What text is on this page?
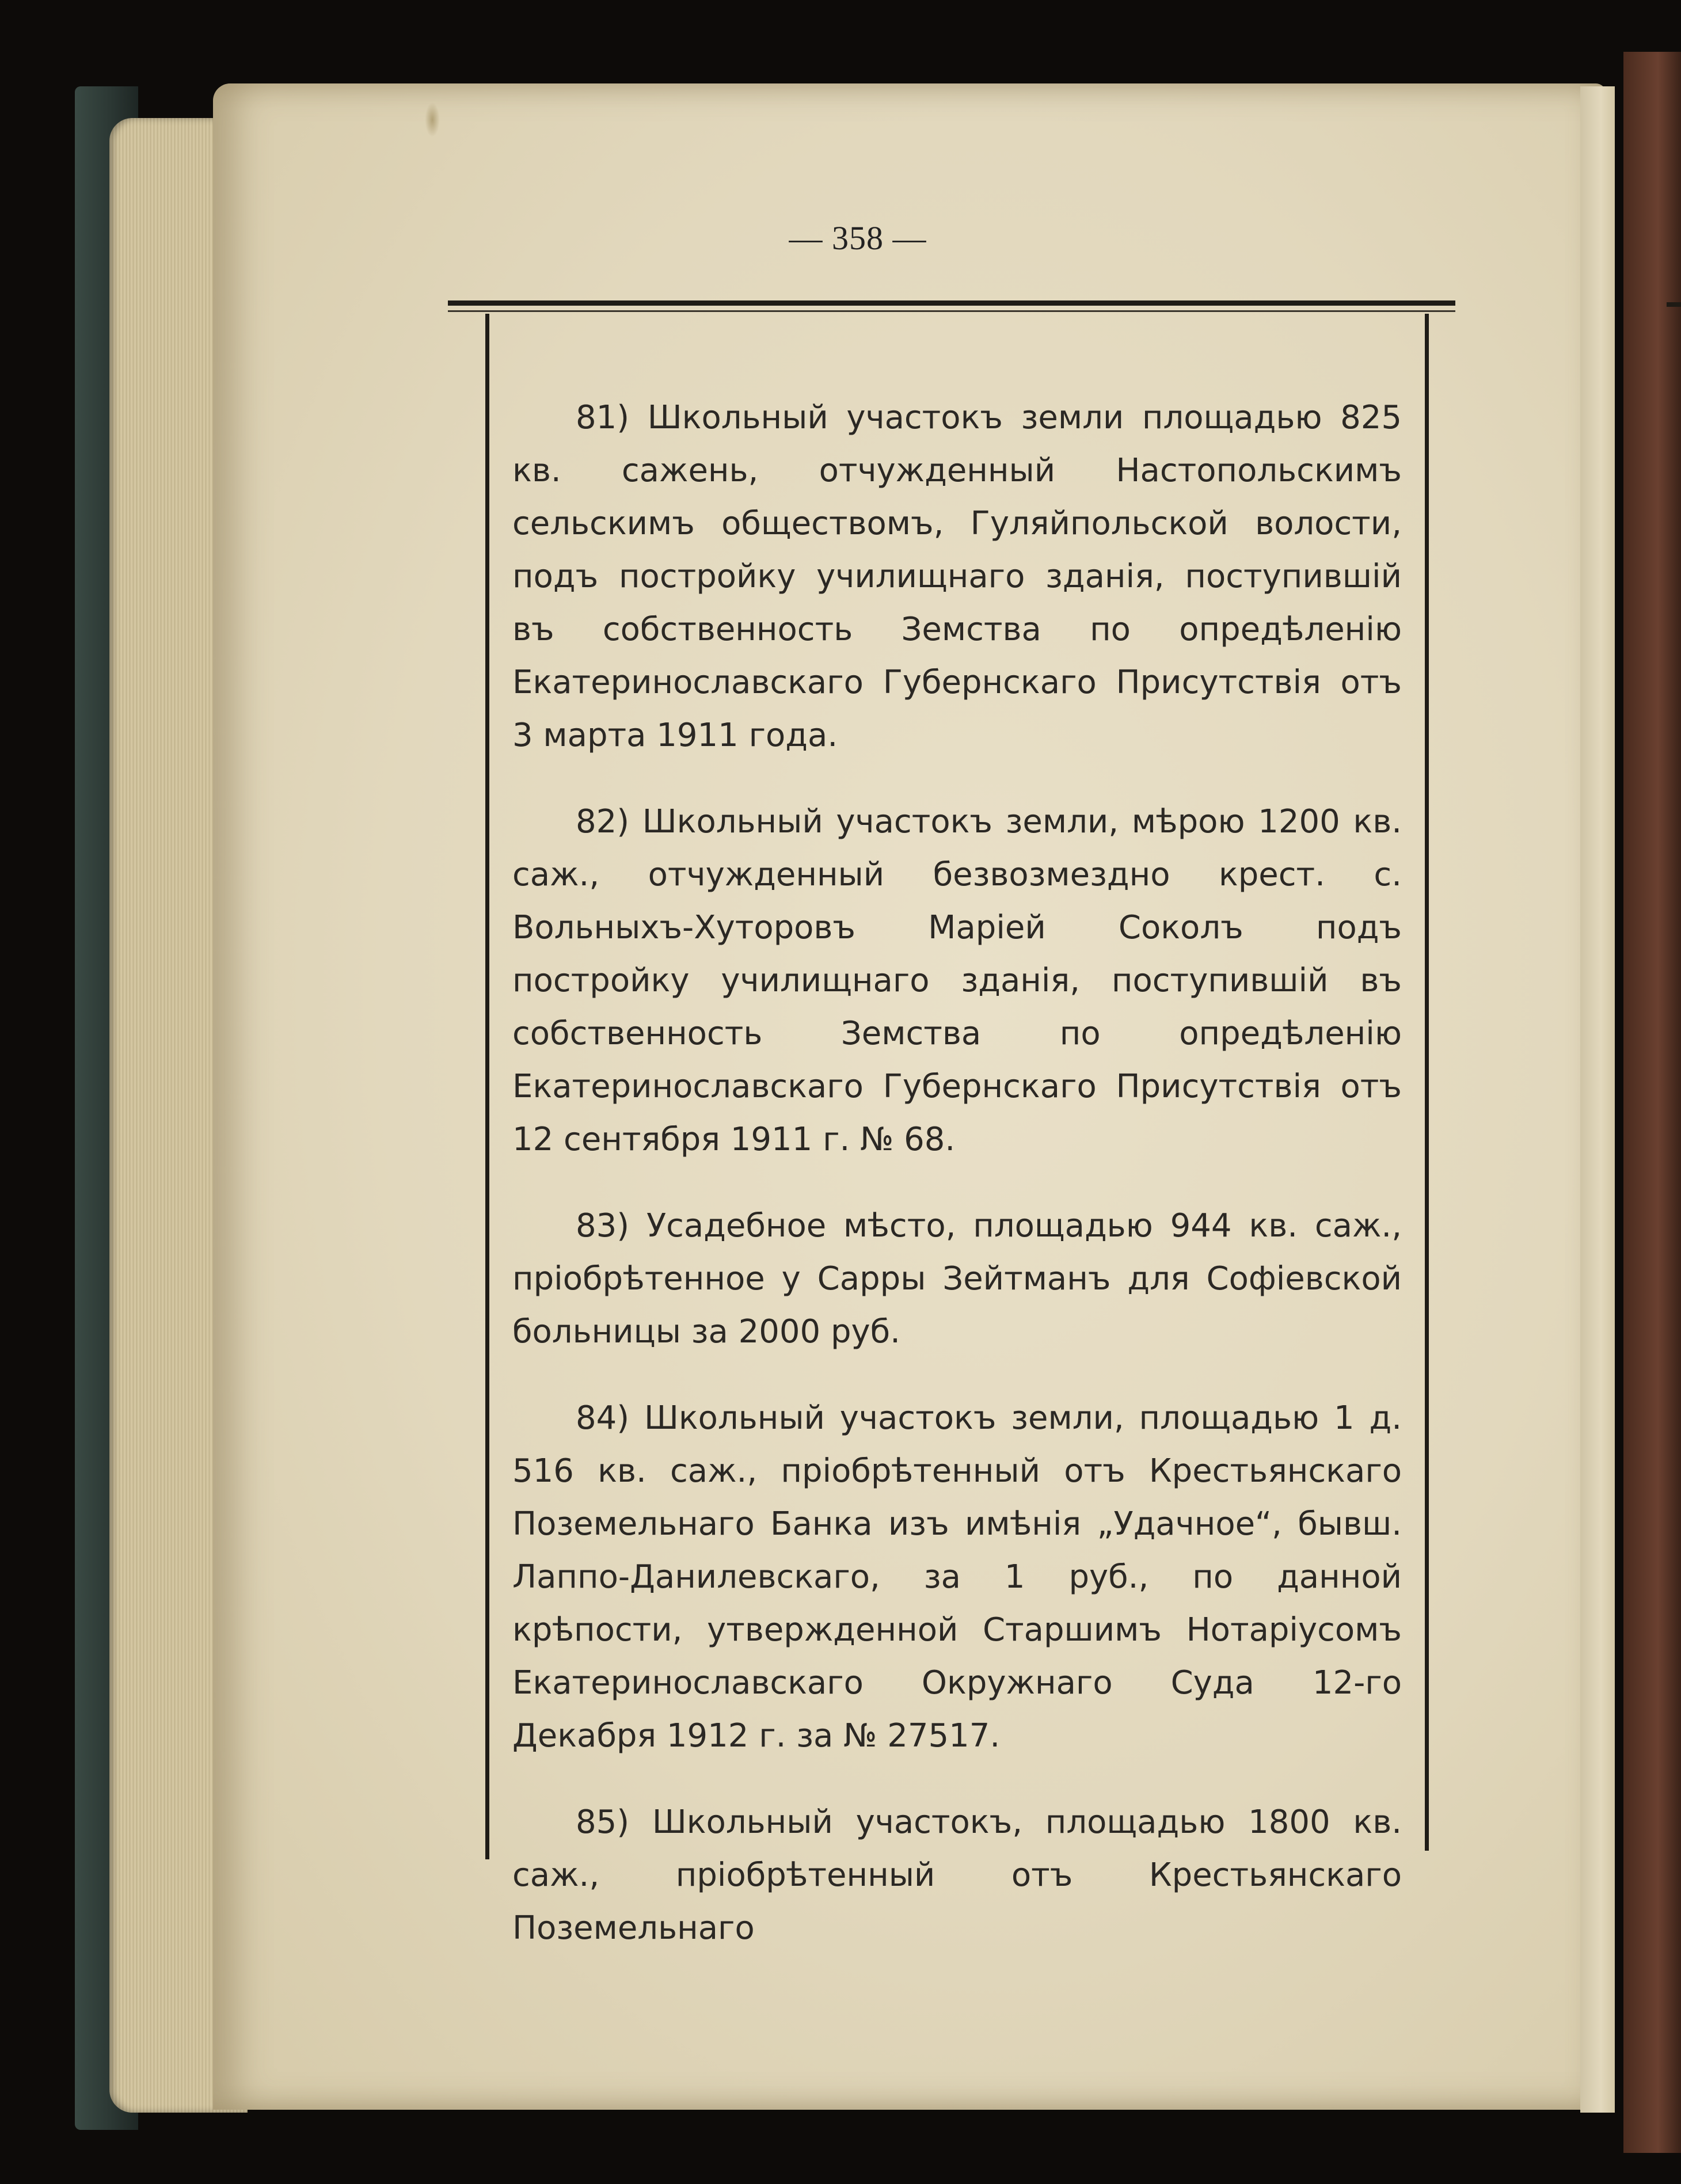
— 358 —

81) Школьный участокъ земли площадью 825 кв. сажень, отчужденный Настопольскимъ сельскимъ обществомъ, Гуляйпольской волости, подъ постройку училищнаго зданія, поступившій въ собственность Земства по опредѣленію Екатеринославскаго Губернскаго Присутствія отъ 3 марта 1911 года.

82) Школьный участокъ земли, мѣрою 1200 кв. саж., отчужденный безвозмездно крест. с. Вольныхъ-Хуторовъ Маріей Соколъ подъ постройку училищнаго зданія, поступившій въ собственность Земства по опредѣленію Екатеринославскаго Губернскаго Присутствія отъ 12 сентября 1911 г. № 68.

83) Усадебное мѣсто, площадью 944 кв. саж., пріобрѣтенное у Сарры Зейтманъ для Софіевской больницы за 2000 руб.

84) Школьный участокъ земли, площадью 1 д. 516 кв. саж., пріобрѣтенный отъ Крестьянскаго Поземельнаго Банка изъ имѣнія „Удачное“, бывш. Лаппо-Данилевскаго, за 1 руб., по данной крѣпости, утвержденной Старшимъ Нотаріусомъ Екатеринославскаго Окружнаго Суда 12-го Декабря 1912 г. за № 27517.

85) Школьный участокъ, площадью 1800 кв. саж., пріобрѣтенный отъ Крестьянскаго Поземельнаго
